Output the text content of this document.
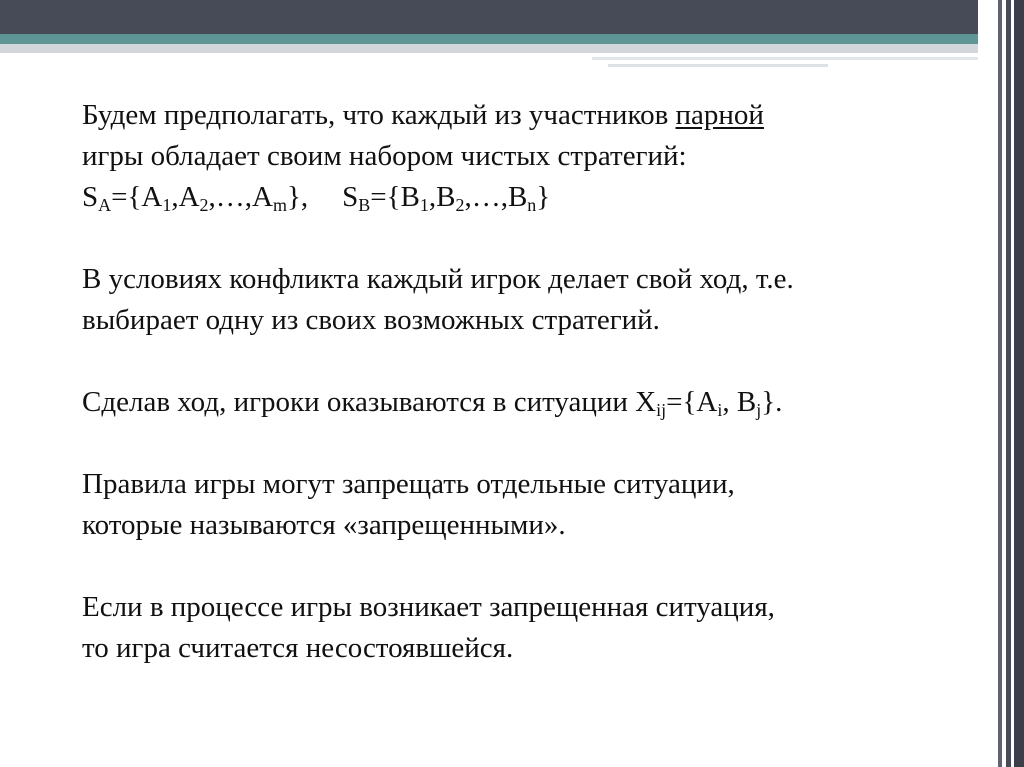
Будем предполагать, что каждый из участников парной
игры обладает своим набором чистых стратегий:
$S_A=\{A_1,A_2,\dots,A_m\}$, $S_B=\{B_1,B_2,\dots,B_n\}$

В условиях конфликта каждый игрок делает свой ход, т.е.
выбирает одну из своих возможных стратегий.

Сделав ход, игроки оказываются в ситуации $X_{ij}=\{A_i$, $B_j$}.

Правила игры могут запрещать отдельные ситуации,
которые называются «запрещенными».

Если в процессе игры возникает запрещенная ситуация,
то игра считается несостоявшейся.
